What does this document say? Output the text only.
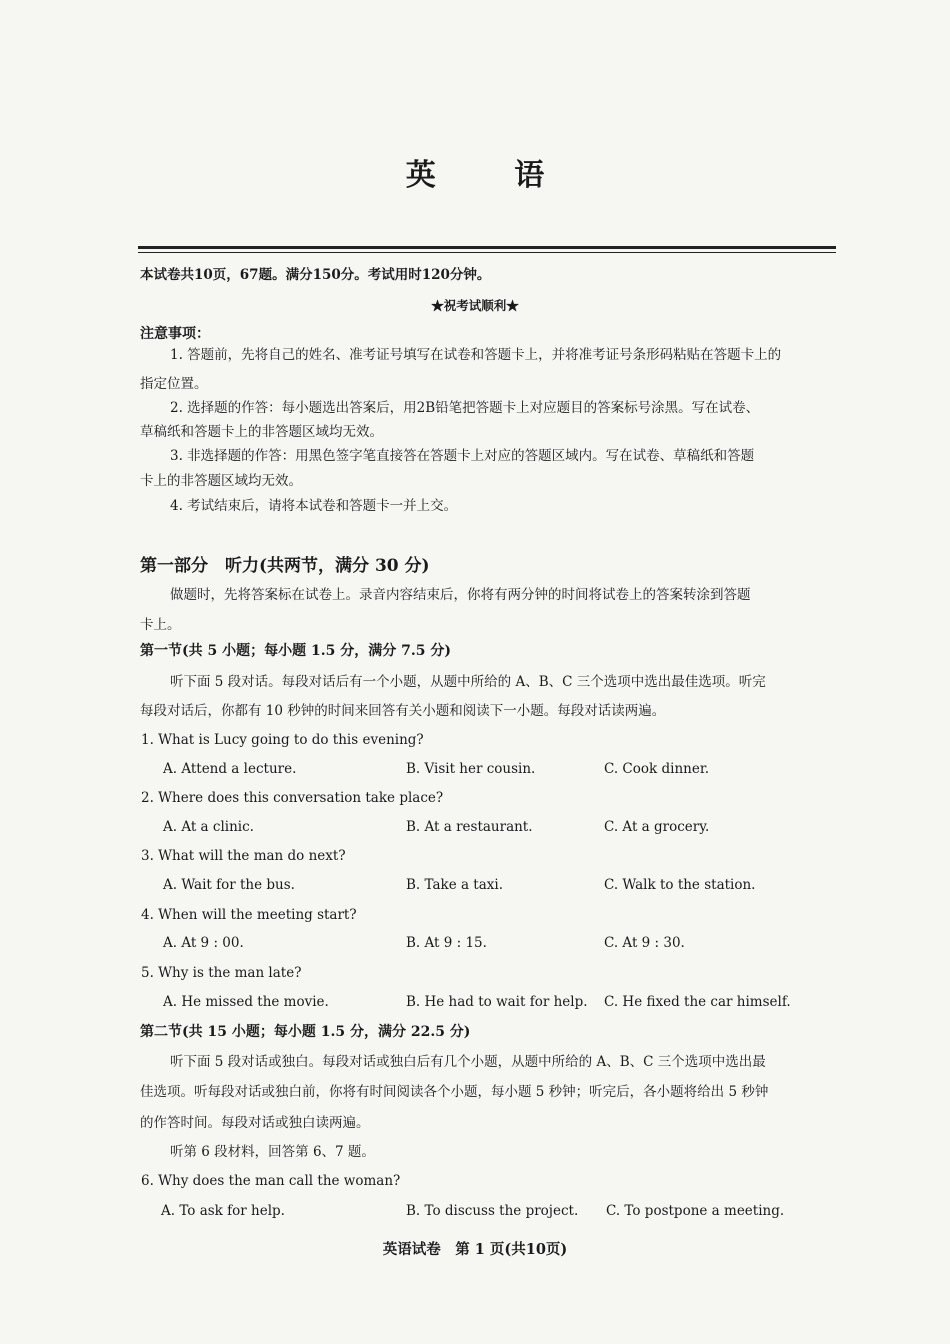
英 语
本试卷共10页，67题。满分150分。考试用时120分钟。
★祝考试顺利★
注意事项：
1. 答题前，先将自己的姓名、准考证号填写在试卷和答题卡上，并将准考证号条形码粘贴在答题卡上的
指定位置。
2. 选择题的作答：每小题选出答案后，用2B铅笔把答题卡上对应题目的答案标号涂黑。写在试卷、
草稿纸和答题卡上的非答题区域均无效。
3. 非选择题的作答：用黑色签字笔直接答在答题卡上对应的答题区域内。写在试卷、草稿纸和答题
卡上的非答题区域均无效。
4. 考试结束后，请将本试卷和答题卡一并上交。
第一部分　听力(共两节，满分 30 分)
做题时，先将答案标在试卷上。录音内容结束后，你将有两分钟的时间将试卷上的答案转涂到答题
卡上。
第一节(共 5 小题；每小题 1.5 分，满分 7.5 分)
听下面 5 段对话。每段对话后有一个小题，从题中所给的 A、B、C 三个选项中选出最佳选项。听完
每段对话后，你都有 10 秒钟的时间来回答有关小题和阅读下一小题。每段对话读两遍。
1. What is Lucy going to do this evening?
A. Attend a lecture.	B. Visit her cousin.	C. Cook dinner.
2. Where does this conversation take place?
A. At a clinic.	B. At a restaurant.	C. At a grocery.
3. What will the man do next?
A. Wait for the bus.	B. Take a taxi.	C. Walk to the station.
4. When will the meeting start?
A. At 9 : 00.	B. At 9 : 15.	C. At 9 : 30.
5. Why is the man late?
A. He missed the movie.	B. He had to wait for help. C. He fixed the car himself.
第二节(共 15 小题；每小题 1.5 分，满分 22.5 分)
听下面 5 段对话或独白。每段对话或独白后有几个小题，从题中所给的 A、B、C 三个选项中选出最
佳选项。听每段对话或独白前，你将有时间阅读各个小题，每小题 5 秒钟；听完后，各小题将给出 5 秒钟
的作答时间。每段对话或独白读两遍。
听第 6 段材料，回答第 6、7 题。
6. Why does the man call the woman?
A. To ask for help.	B. To discuss the project. C. To postpone a meeting.
英语试卷　第 1 页(共10页)
